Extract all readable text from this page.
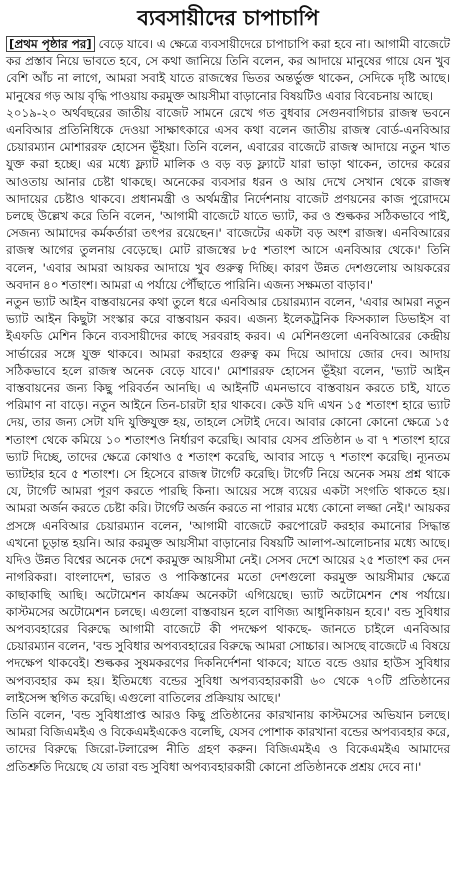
ব্যবসায়ীদের চাপাচাপি

[প্রথম পৃষ্ঠার পর] বেড়ে যাবে। এ ক্ষেত্রে ব্যবসায়ীদেরে চাপাচাপি করা হবে না। আগামী বাজেটে কর প্রস্তাব নিয়ে ভাবতে হবে, সে কথা জানিয়ে তিনি বলেন, কর আদায়ে মানুষের গায়ে যেন খুব বেশি আঁচ না লাগে, আমরা সবাই যাতে রাজস্বের ভিতর অন্তর্ভুক্ত থাকেন, সেদিকে দৃষ্টি আছে। মানুষের গড় আয় বৃদ্ধি পাওয়ায় করমুক্ত আয়সীমা বাড়ানোর বিষয়টিও এবার বিবেচনায় আছে।

২০১৯-২০ অর্থবছরের জাতীয় বাজেট সামনে রেখে গত বুধবার সেগুনবাগিচার রাজস্ব ভবনে এনবিআর প্রতিনিধিকে দেওয়া সাক্ষাৎকারে এসব কথা বলেন জাতীয় রাজস্ব বোর্ড-এনবিআর চেয়ারম্যান মোশাররফ হোসেন ভূঁইয়া। তিনি বলেন, এবারের বাজেটে রাজস্ব আদায়ে নতুন খাত যুক্ত করা হচ্ছে। এর মধ্যে ফ্ল্যাট মালিক ও বড় বড় ফ্ল্যাটে যারা ভাড়া থাকেন, তাদের করের আওতায় আনার চেষ্টা থাকছে। অনেকের ব্যবসার ধরন ও আয় দেখে সেখান থেকে রাজস্ব আদায়ের চেষ্টাও থাকবে। প্রধানমন্ত্রী ও অর্থমন্ত্রীর নির্দেশনায় বাজেট প্রণয়নের কাজ পুরোদমে চলছে উল্লেখ করে তিনি বলেন, 'আগামী বাজেটে যাতে ভ্যাট, কর ও শুল্ককর সঠিকভাবে পাই, সেজন্য আমাদের কর্মকর্তারা তৎপর রয়েছেন।' বাজেটের একটা বড় অংশ রাজস্ব। এনবিআরের রাজস্ব আগের তুলনায় বেড়েছে। মোট রাজস্বের ৮৫ শতাংশ আসে এনবিআর থেকে।' তিনি বলেন, 'এবার আমরা আয়কর আদায়ে খুব গুরুত্ব দিচ্ছি। কারণ উন্নত দেশগুলোয় আয়করের অবদান ৪০ শতাংশ। আমরা এ পর্যায়ে পৌঁছাতে পারিনি। এজন্য সক্ষমতা বাড়াব।'

নতুন ভ্যাট আইন বাস্তবায়নের কথা তুলে ধরে এনবিআর চেয়ারম্যান বলেন, 'এবার আমরা নতুন ভ্যাট আইন কিছুটা সংস্কার করে বাস্তবায়ন করব। এজন্য ইলেকট্রনিক ফিসক্যাল ডিভাইস বা ইএফডি মেশিন কিনে ব্যবসায়ীদের কাছে সরবরাহ করব। এ মেশিনগুলো এনবিআরের কেন্দ্রীয় সার্ভারের সঙ্গে যুক্ত থাকবে। আমরা করহারে গুরুত্ব কম দিয়ে আদায়ে জোর দেব। আদায় সঠিকভাবে হলে রাজস্ব অনেক বেড়ে যাবে।' মোশাররফ হোসেন ভূঁইয়া বলেন, 'ভ্যাট আইন বাস্তবায়নের জন্য কিছু পরিবর্তন আনছি। এ আইনটি এমনভাবে বাস্তবায়ন করতে চাই, যাতে পরিমাণ না বাড়ে। নতুন আইনে তিন-চারটা হার থাকবে। কেউ যদি এখন ১৫ শতাংশ হারে ভ্যাট দেয়, তার জন্য সেটা যদি যুক্তিযুক্ত হয়, তাহলে সেটাই দেবে। আবার কোনো কোনো ক্ষেত্রে ১৫ শতাংশ থেকে কমিয়ে ১০ শতাংশও নির্ধারণ করেছি। আবার যেসব প্রতিষ্ঠান ৬ বা ৭ শতাংশ হারে ভ্যাট দিচ্ছে, তাদের ক্ষেত্রে কোথাও ৫ শতাংশ করেছি, আবার সাড়ে ৭ শতাংশ করেছি। ন্যূনতম ভ্যাটহার হবে ৫ শতাংশ। সে হিসেবে রাজস্ব টার্গেট করেছি। টার্গেট নিয়ে অনেক সময় প্রশ্ন থাকে যে, টার্গেট আমরা পূরণ করতে পারছি কিনা। আয়ের সঙ্গে ব্যয়ের একটা সংগতি থাকতে হয়। আমরা অর্জন করতে চেষ্টা করি। টার্গেট অর্জন করতে না পারার মধ্যে কোনো লজ্জা নেই।' আয়কর প্রসঙ্গে এনবিআর চেয়ারম্যান বলেন, 'আগামী বাজেটে করপোরেট করহার কমানোর সিদ্ধান্ত এখনো চূড়ান্ত হয়নি। আর করমুক্ত আয়সীমা বাড়ানোর বিষয়টি আলাপ-আলোচনার মধ্যে আছে। যদিও উন্নত বিশ্বের অনেক দেশে করমুক্ত আয়সীমা নেই। সেসব দেশে আয়ের ২৫ শতাংশ কর দেন নাগরিকরা। বাংলাদেশ, ভারত ও পাকিস্তানের মতো দেশগুলো করমুক্ত আয়সীমার ক্ষেত্রে কাছাকাছি আছি। অটোমেশন কার্যক্রম অনেকটা এগিয়েছে। ভ্যাট অটোমেশন শেষ পর্যায়ে। কাস্টমসের অটোমেশন চলছে। এগুলো বাস্তবায়ন হলে বাণিজ্য আধুনিকায়ন হবে।' বন্ড সুবিধার অপব্যবহারের বিরুদ্ধে আগামী বাজেটে কী পদক্ষেপ থাকছে- জানতে চাইলে এনবিআর চেয়ারম্যান বলেন, 'বন্ড সুবিধার অপব্যবহারের বিরুদ্ধে আমরা সোচ্চার। আসছে বাজেটে এ বিষয়ে পদক্ষেপ থাকবেই। শুল্ককর সুষমকরণের দিকনির্দেশনা থাকবে; যাতে বন্ডে ওয়ার হাউস সুবিধার অপব্যবহার কম হয়। ইতিমধ্যে বন্ডের সুবিধা অপব্যবহারকারী ৬০ থেকে ৭০টি প্রতিষ্ঠানের লাইসেন্স স্থগিত করেছি। এগুলো বাতিলের প্রক্রিয়ায় আছে।'

তিনি বলেন, 'বন্ড সুবিধাপ্রাপ্ত আরও কিছু প্রতিষ্ঠানের কারখানায় কাস্টমসের অভিযান চলছে। আমরা বিজিএমইএ ও বিকেএমইএকেও বলেছি, যেসব পোশাক কারখানা বন্ডের অপব্যবহার করে, তাদের বিরুদ্ধে জিরো-টলারেন্স নীতি গ্রহণ করুন। বিজিএমইএ ও বিকেএমইএ আমাদের প্রতিশ্রুতি দিয়েছে যে তারা বন্ড সুবিধা অপব্যবহারকারী কোনো প্রতিষ্ঠানকে প্রশ্রয় দেবে না।'
